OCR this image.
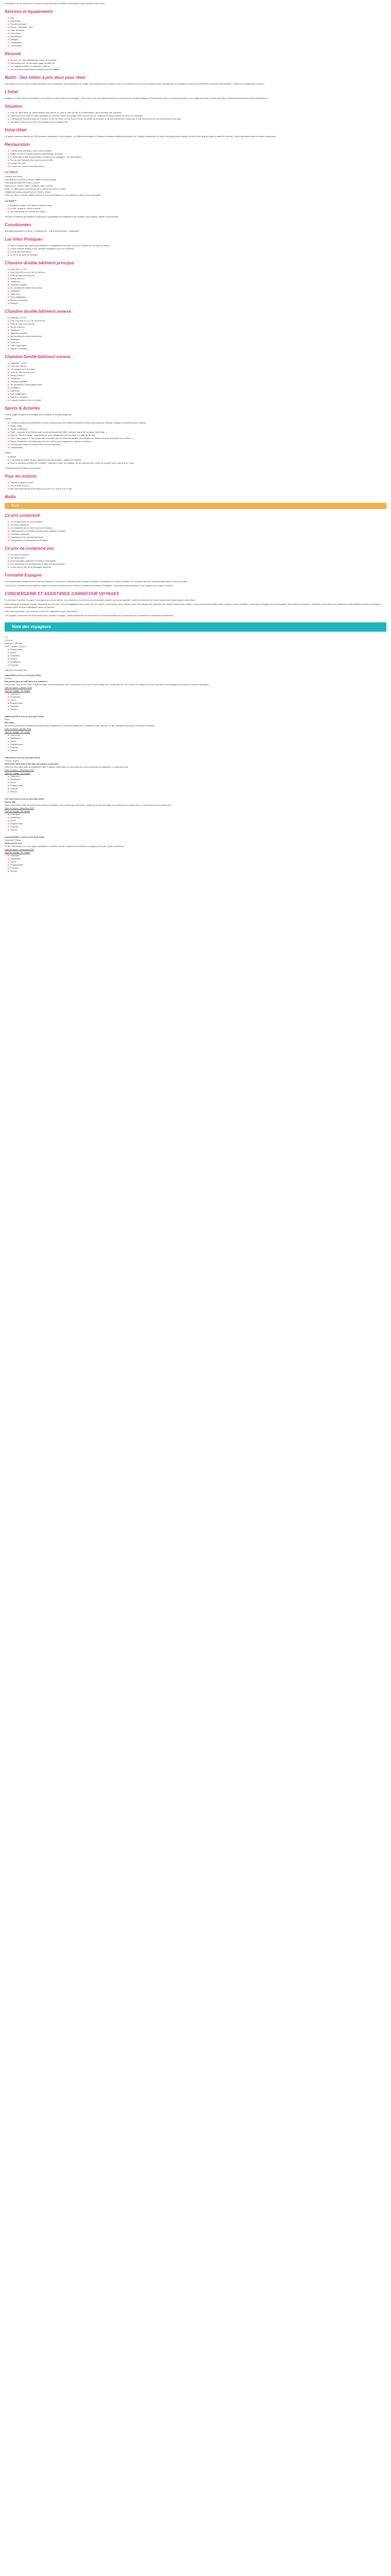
Description Ce prix comprend • Ce prix ne comprend pas Formalités Conciergerie Logo Impulsion/ Avis Client

Services et équipements
Wifi
Restaurant
Piscine extérieure
Sauna - Hammam - Spa
Salle de fitness
Club enfant
Discothèque
Boutique
Climatisation
Conciergerie
Résumé
Au cœur du Club Pallantia des dunes de Corralejo,
Directement sur une immense plage de sable fin.
Un magnifique buffet et restaurant à thème.
Des chambres spacieuses et idéales pour les familles.
Mallin : Des hôtels à prix doux pour rêver

Des hôtels à prix doux pour profiter pleinement de la destination, sans dépenser son budget. Des établissements simples, avec les services dont vous avez vraiment besoin, parfaits pour les voyageurs curieux qui cherchent à découvrir sans superflu. L'idéal pour voyager plus souvent !

L'hôtel

Imaginez un hôtel club tout ensoleillé en bas milieu d'un site préservé et sauvage… Vous êtes au Rio Ohio Beach Resort, sur les dunes de Corralejo Playas, à Fuerteventura, face à un océan turquoise et une plage qui s'étire à l'infini. Bien situé, l'hôtel est parmi les plus belles destinations !

Situation
Vous au cœur dans un environnement très naturel, au sein du parc de l'Île de Fuerteventura, dans l'archipel des Canaries.
L'hôtel se trouve donc en cadre privilégié, au pied des dunes où la plage s'étire à perte de vue, longeant les eaux ventées de Lobos et Lanzarote.
L'aéroport de Fuerteventura est à environ 40 km de l'hôtel, et il se trouve à 5 km du centre de la station et de ses commerces, tandis que la ville est à 50 km de ses restaurants et ses bars.
Corralejo se trouve à 10 km et des plages sont à quelques pas.
Votre Hôtel

Ce grand complexe dispose de 306 chambres organisées en deux parties : un bâtiment principal de 6 étages et plusieurs bâtiments annexes de 2 étages directement au cœur d'un grand jardin tropical, au bord d'une grande plage de sable fin. Internet : accès wifi gratuit dans les parties communes.

Restauration
2 restaurants principaux dont 1 avec terrasse
Buffets et thème cuisinés (cuisine internationale et locale)
2 restaurants à thème (spécialités canariennes et asiatiques - sur réservation)
Un bar avec terrasse (bar snack ouvert en été)
Lounge bar, pool
1 snack bar, ouvert le chaque piscine
LA TABLE*
Formule tout inclus
Petit-déjeuner de 8h00 à 10h30 • buffet et show cooking
Petit-déjeuner tardif de 10h30 à 11h30
Déjeuner de 13h00 à 15h00 • buffet et show cooking
Dîner : en alternance au snack-bar de la piscine de 13h00 à 15h00
Collations/snacking disponibles de 10h30 à minuit
Dîner de 18h30 à 22h00 • buffet à thème (2 fois par semaine) ou une restaurant à thème hors réservation
LE BAR**
Boissons locales, soft drinks et alcools locaux
Au bar: gratuit de 10h00 à minuit
Aux restaurants aux heures des repas

*Service à boissons alcoolisées et restaurants susceptibles de modification par l'hôtelier sans préavis, valable à titre indicatif.

Coordonnées

AVENIDA GRANDES PLAYAS · CORRALEJO · FUERTEVENTURA · CANARIES

Les Infos Pratiques
Dans le plupart des hôtels internationaux, l'enregistrement se fait à 14h pour l'arrivée et à 12h pour le départ
Douce correcte exigée le soir, pantalon obligatoire pour les messieurs
Il n'est des ascenseurs
À 100 m de l'arrêt de navettes
Chambre double bâtiment principal
Superficie : 27 m²
2 lits 160×200 cm ou 1 lit 110×200 cm
Salle de bain avec douche
Sèche-cheveux
Téléphone
Télévision satellite
Air conditionné central (saisonnier)
Ventilateur
Coffre-fort
Petit réfrigérateur
Balcon ou terrasse
Minigolf
Chambre double bâtiment annexe
Superficie : 30 m²
2 lits 150×200 cm ou 1 lit 110×200 cm
Salle de bain avec douche
Sèche-cheveux
Téléphone
Télévision satellite
Air conditionné central (saisonnier)
Ventilateur
Coffre-fort
Petit réfrigérateur
Balcon ou terrasse
Chambre famille bâtiment annexe
Superficie : 33 m²
2 lits 105×200 cm
1 lit canapé pour un enfant
Salle de bain avec douche
Sèche-cheveux
Téléphone
Télévision satellite
Air conditionné central (saisonnier)
Ventilateur
Coffre-fort
Petit réfrigérateur
Balcon ou terrasse
Canapé chambres sont en duplex
Sports & Activités

Grande plage de sable fin aménagée avec parasols et transats (payants).

Gratuit :

2 piscines extérieures (chauffées en hiver), piscines pour les enfants (chauffée en hiver) avec parasols, transats, matelas et serviettes (avec caution)
Beach-volley
Terrain multisports
Profil : programme de fitness (avec coach professionnel) (Wifi, Intensive, Aqua Fit, Aerobics, Stretching…)
Salle de fitness et salon : chaussures de sport obligatoires pour accéder à la salle de fitness)
Club enfant jusqu'à 12 ans (supervisé et encadré par du personnel qualifié, jeux de plein air, ateliers de jeux de sportifs, de peinture…)
Équipe d'animation internationale pour des soirées (avec spectacles, cabaret, mini-disco)
Discothèque intérieure (ouverte deux fois par semaine)
Amphithéâtre

Payant :

Billard
À proximité au stable Ryodo* (plusieurs fois par semaine - ateliers et enfants)
Sport le quelques activités de la station* : planche à voile, ski nautique, jet ski, banana boat, centre de plongée sous-marine (env. 3 km)

* Indépendante de l'hôtel et non gérées

Pour les enfants
Piscine à bassin en hiver
Aire et salle de jeux
Mini-club international (Flo)-et(ayo) pour les 4 à 7 ans et 8 à 12 ans
Mallis
Étoile
Ce prix comprend
Le vol aller/retour sur vols réguliers
Les taxes d'aéroport
Les transferts aller et retour (selon la formule)
L'hébergement en chambre double (selon catégorie choisie)
La pension complète
L'assistance d'un représentant local
Les garanties et assurances de Premium
Ce prix ne comprend pas
Les frais de services
Les assurances
Les surcharges carburant et transport éventuelles
Les prestations non mentionnées et dépenses personnelles
Le lien vers le site de la compagnie aérienne
Formalité Espagne

Les ressortissants français peuvent être en possession d'une pièce d'identité (carte nationale d'identité ou passeport) en cours de validité. Ce document doit être valide pendant toute la durée du séjour.

Vous pouvez consulter les formalités de santé et de police directement sur le site du ministère des Affaires Étrangères : https://www.diplomatie.gouv.fr (en cliquant sur le pays concerné).

CONCIERGERIE ET ASSISTANCE CARREFOUR VOYAGES

En réservant Carrefour Voyages Conciergerie pour votre séjour, vous bénéficiez d'un service de conciergerie complet, qui saura répondre à toutes vos attentes de confort avant votre départ jusqu'à votre retour.

Notre équipe de concierge, experte, disponible et à l'écoute, vous accompagnera tout au long de votre séjour. Vous pourrez nous solliciter avant votre départ pour organiser des visites, réserver une activité, ou pour tout service relatif à votre voyage en cours de séjour. Conciergerie Voyages vous accompagne dans toutes les situations : transferts, réservations de restaurants, visites guidées, tickets de spectacle, transport privé, services spécifiques selon vos besoins.

Dès votre réservation, vous recevrez un lien vers l'application pour vous inscrire.

Vos voyages commencent et se terminent avec Carrefour Voyages, profitez pleinement de votre séjour en toute tranquillité avec nos services de conciergerie et d'assistance disponibles.

Note des voyageurs
4,6
Très bon
basé sur 7 450 Avis
2022 Travelers' Choice
Emplacement
Literie
Chambres
Service
Qualité/prix
Propreté
Voté les 5 dernières avis
supportfbd a écrit un avis (juin 2024)
Anderre
Pas pendu pour de suffi dans les chambres
Pour la prix c'est un bon hôtel. Plage très belle, les restaurants au top. Il faut prévoir une bonne crème solaire car le soleil tape fort. Par contre, les chambres ne sont pas assez bien équipées au niveau de l'isolation phonique.
Date du séjour : octobre 2023
Type de voyage : En couple
Chambres
Qualité/prix
Literie
Emplacement
Propreté
Service
isabelle427RV a écrit un avis (juin 2024)
Paris
Bon hôtel
Bel hôtel avec très bon emplacement mais aucun réalissent les chambres réellement. Le buffet du matin très bon, un peu répétitif sur la durée. Personnel très gentil.
Date du séjour : janvier 2024
Type de voyage : En couple
Chambres
Qualité/prix
Literie
Emplacement
Propreté
Service
FrancoisA a écrit un avis (juin 2024)
Thonon, France
Hôtel bien situé mais vieilli dans les parties communes
Hôtel très bien situé mais aménagement daté. L'équipe d'animation est très présente, tout le personnel est agréable. Le buffet est varié.
Date du séjour : décembre 2023
Type de voyage : En couple
Chambres
Qualité/prix
Literie
Emplacement
Propreté
Service
Vue verte écrit a écrit un avis (mai 2024)
Nuit au Rio
Nous avons fait le choix de passer une semaine en famille, nous n'avons pas été déçus : l'hôtel est en bord de plage, les chambres sont spacieuses. Le personnel est aux petits soins.
Date du séjour : décembre 2023
Type de voyage : En famille
Chambres
Qualité/prix
Literie
Emplacement
Propreté
Service
bluebird790EU a écrit un avis (mai 2024)
Vermoulle, France
Vacances de rêve
Le Rio Ohio Beach a un bon rapport qualité/prix, excellent accueil, emplacement idéal avec la plage à deux pas. Nous reviendrons.
Date du séjour : décembre 2023
Type de voyage : En couple
Chambres
Qualité/prix
Literie
Emplacement
Propreté
Service
